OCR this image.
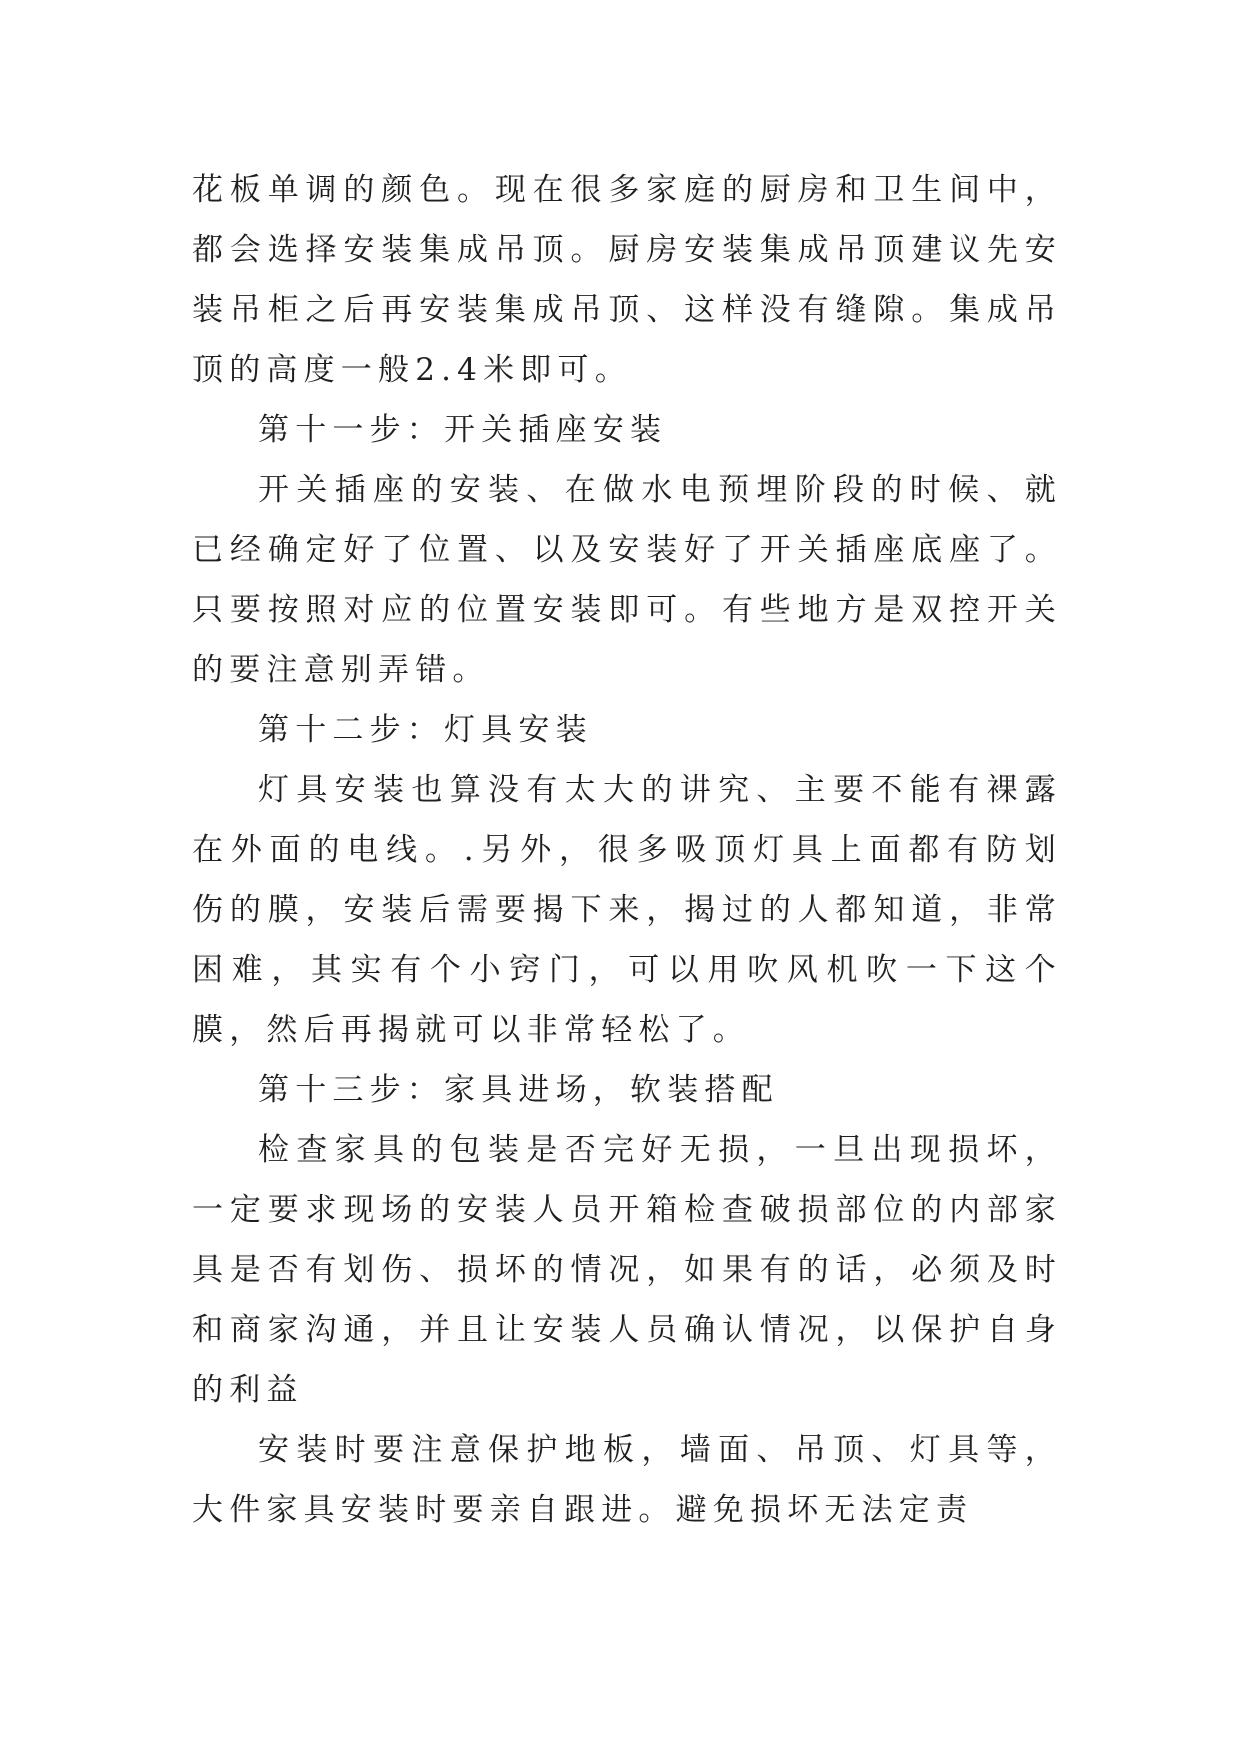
花板单调的颜色。现在很多家庭的厨房和卫生间中，都会选择安装集成吊顶。厨房安装集成吊顶建议先安装吊柜之后再安装集成吊顶、这样没有缝隙。集成吊顶的高度一般2.4米即可。

第十一步：开关插座安装

开关插座的安装、在做水电预埋阶段的时候、就已经确定好了位置、以及安装好了开关插座底座了。只要按照对应的位置安装即可。有些地方是双控开关的要注意别弄错。

第十二步：灯具安装

灯具安装也算没有太大的讲究、主要不能有裸露在外面的电线。.另外，很多吸顶灯具上面都有防划伤的膜，安装后需要揭下来，揭过的人都知道，非常困难，其实有个小窍门，可以用吹风机吹一下这个膜，然后再揭就可以非常轻松了。

第十三步：家具进场，软装搭配

检查家具的包装是否完好无损，一旦出现损坏，一定要求现场的安装人员开箱检查破损部位的内部家具是否有划伤、损坏的情况，如果有的话，必须及时和商家沟通，并且让安装人员确认情况，以保护自身的利益

安装时要注意保护地板，墙面、吊顶、灯具等，大件家具安装时要亲自跟进。避免损坏无法定责
